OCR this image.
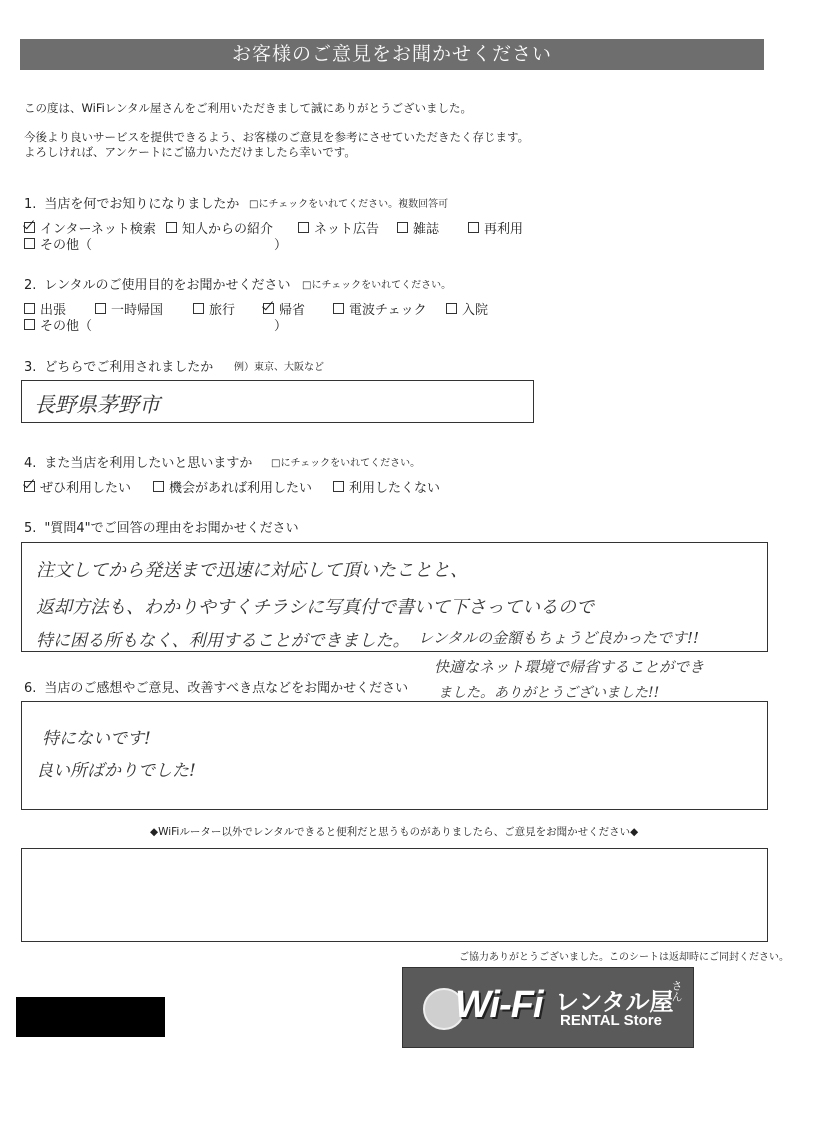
お客様のご意見をお聞かせください
この度は、WiFiレンタル屋さんをご利用いただきまして誠にありがとうございました。
今後より良いサービスを提供できるよう、お客様のご意見を参考にさせていただきたく存じます。
よろしければ、アンケートにご協力いただけましたら幸いです。
1. 当店を何でお知りになりましたか □にチェックをいれてください。複数回答可
インターネット検索 知人からの紹介	ネット広告	雑誌	再利用
その他（　　　　　　　　　　　　　　）
2. レンタルのご使用目的をお聞かせください □にチェックをいれてください。
出張	一時帰国	旅行	帰省	電波チェック	入院
その他（　　　　　　　　　　　　　　）
3. どちらでご利用されましたか 例）東京、大阪など
長野県茅野市
4. また当店を利用したいと思いますか □にチェックをいれてください。
ぜひ利用したい	機会があれば利用したい	利用したくない
5. "質問4"でご回答の理由をお聞かせください
注文してから発送まで迅速に対応して頂いたことと、
返却方法も、わかりやすくチラシに写真付で書いて下さっているので
特に困る所もなく、利用することができました。 レンタルの金額もちょうど良かったです!!
快適なネット環境で帰省することができ
ました。ありがとうございました!!
6. 当店のご感想やご意見、改善すべき点などをお聞かせください
特にないです!
良い所ばかりでした!
◆WiFiルーター以外でレンタルできると便利だと思うものがありましたら、ご意見をお聞かせください◆
ご協力ありがとうございました。このシートは返却時にご同封ください。
Wi-Fi レンタル屋
さん
RENTAL Store
